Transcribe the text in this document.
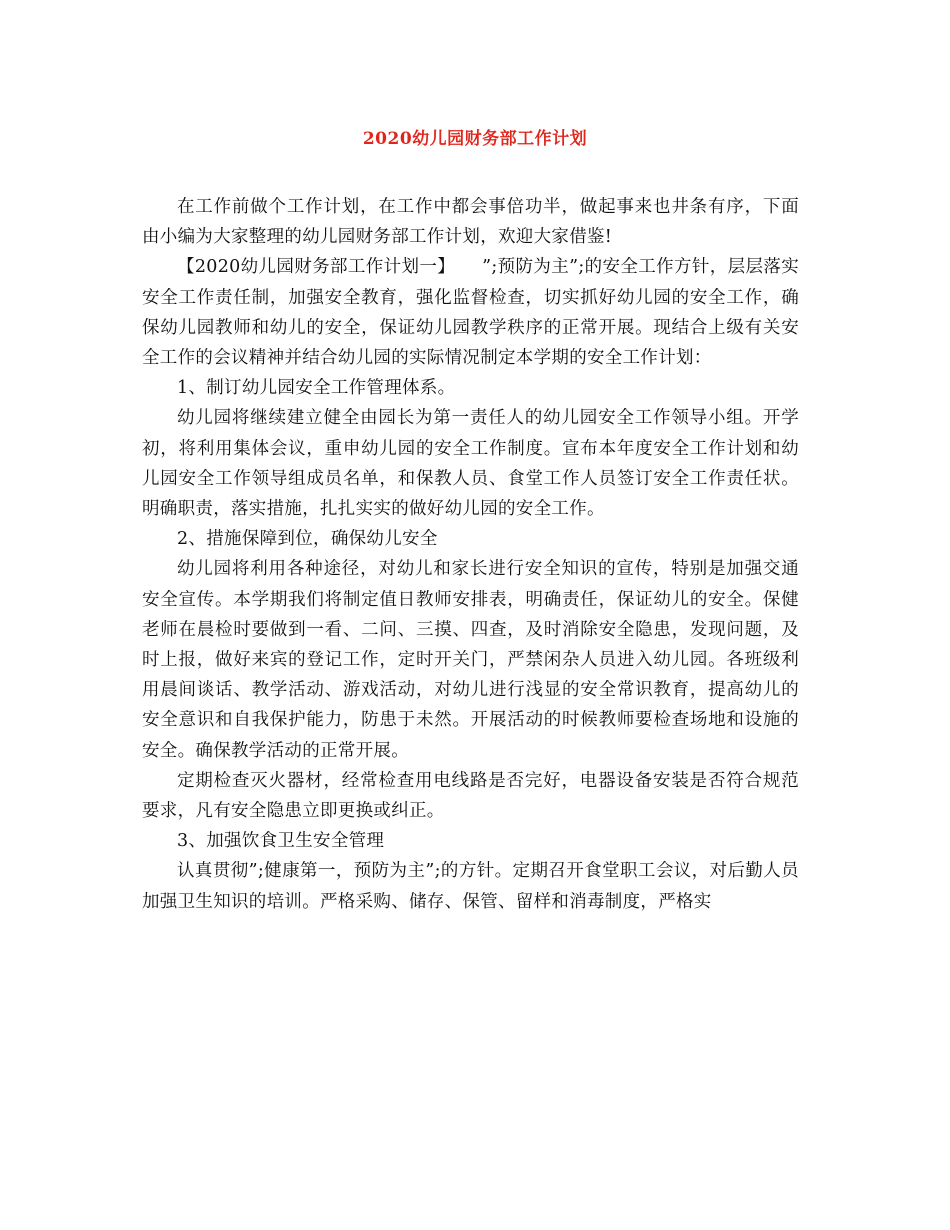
2020幼儿园财务部工作计划

在工作前做个工作计划，在工作中都会事倍功半，做起事来也井条有序，下面由小编为大家整理的幼儿园财务部工作计划，欢迎大家借鉴!

【2020幼儿园财务部工作计划一】　　”;预防为主”;的安全工作方针，层层落实安全工作责任制，加强安全教育，强化监督检查，切实抓好幼儿园的安全工作，确保幼儿园教师和幼儿的安全，保证幼儿园教学秩序的正常开展。现结合上级有关安全工作的会议精神并结合幼儿园的实际情况制定本学期的安全工作计划：

1、制订幼儿园安全工作管理体系。

幼儿园将继续建立健全由园长为第一责任人的幼儿园安全工作领导小组。开学初，将利用集体会议，重申幼儿园的安全工作制度。宣布本年度安全工作计划和幼儿园安全工作领导组成员名单，和保教人员、食堂工作人员签订安全工作责任状。明确职责，落实措施，扎扎实实的做好幼儿园的安全工作。

2、措施保障到位，确保幼儿安全

幼儿园将利用各种途径，对幼儿和家长进行安全知识的宣传，特别是加强交通安全宣传。本学期我们将制定值日教师安排表，明确责任，保证幼儿的安全。保健老师在晨检时要做到一看、二问、三摸、四查，及时消除安全隐患，发现问题，及时上报，做好来宾的登记工作，定时开关门，严禁闲杂人员进入幼儿园。各班级利用晨间谈话、教学活动、游戏活动，对幼儿进行浅显的安全常识教育，提高幼儿的安全意识和自我保护能力，防患于未然。开展活动的时候教师要检查场地和设施的安全。确保教学活动的正常开展。

定期检查灭火器材，经常检查用电线路是否完好，电器设备安装是否符合规范要求，凡有安全隐患立即更换或纠正。

3、加强饮食卫生安全管理

认真贯彻”;健康第一，预防为主”;的方针。定期召开食堂职工会议，对后勤人员加强卫生知识的培训。严格采购、储存、保管、留样和消毒制度，严格实
